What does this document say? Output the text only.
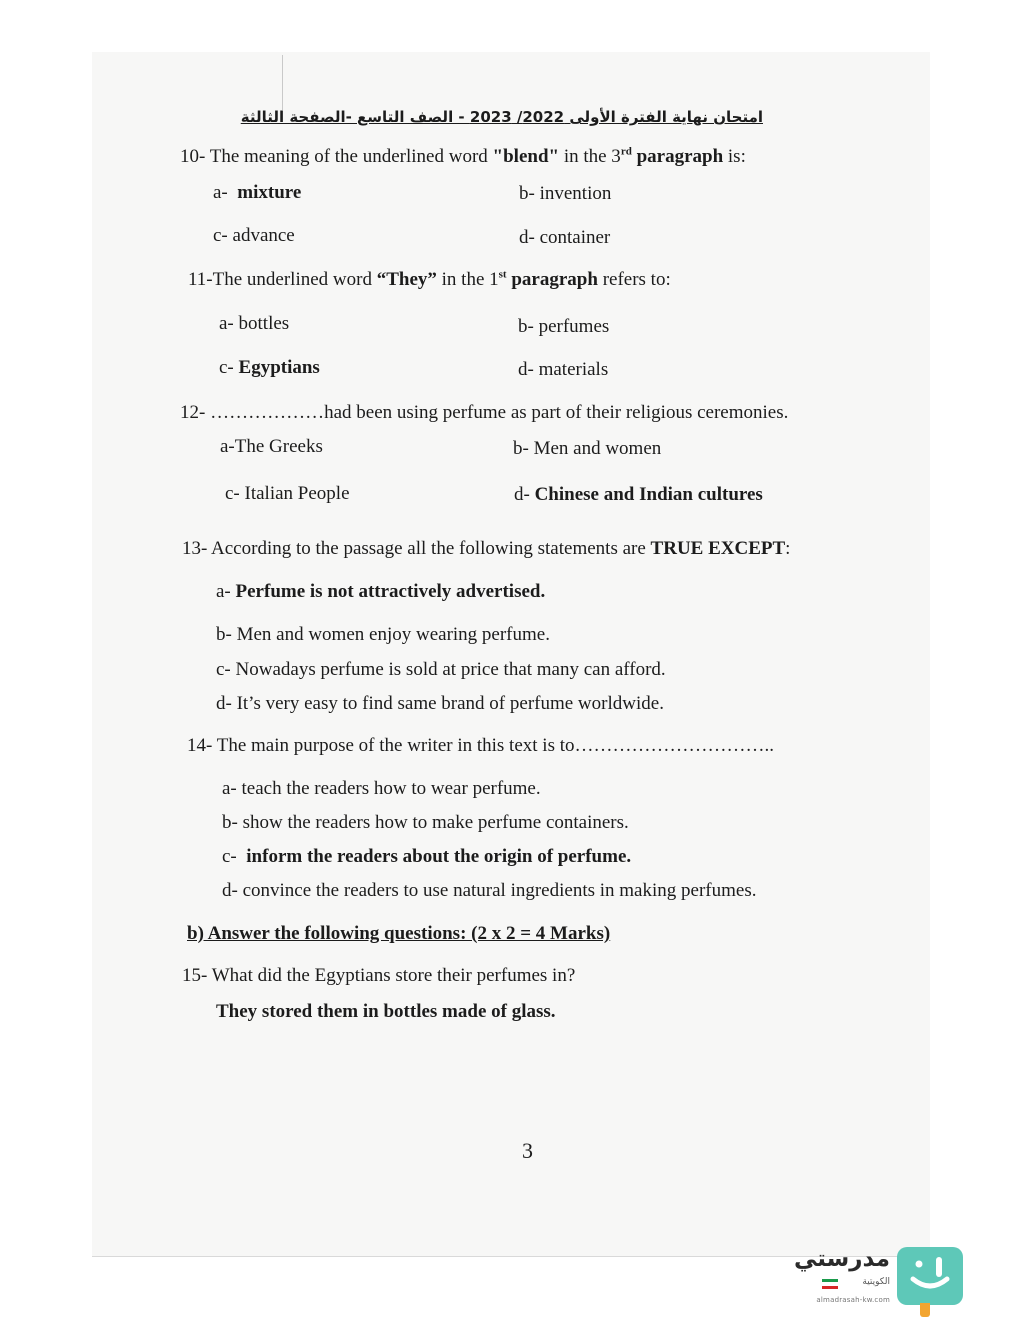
امتحان نهاية الفترة الأولى 2022/ 2023 - الصف التاسع -الصفحة الثالثة
10- The meaning of the underlined word "blend" in the 3rd paragraph is:
a- mixture	b- invention
c- advance	d- container
11-The underlined word “They” in the 1st paragraph refers to:
a- bottles	b- perfumes
c- Egyptians	d- materials
12- ………………had been using perfume as part of their religious ceremonies.
a-The Greeks	b- Men and women
c- Italian People	d- Chinese and Indian cultures
13- According to the passage all the following statements are TRUE EXCEPT:
a- Perfume is not attractively advertised.
b- Men and women enjoy wearing perfume.
c- Nowadays perfume is sold at price that many can afford.
d- It’s very easy to find same brand of perfume worldwide.
14- The main purpose of the writer in this text is to…………………………..
a- teach the readers how to wear perfume.
b- show the readers how to make perfume containers.
c- inform the readers about the origin of perfume.
d- convince the readers to use natural ingredients in making perfumes.
b) Answer the following questions: (2 x 2 = 4 Marks)
15- What did the Egyptians store their perfumes in?
They stored them in bottles made of glass.
3
مدرستي
الكويتية
almadrasah-kw.com
